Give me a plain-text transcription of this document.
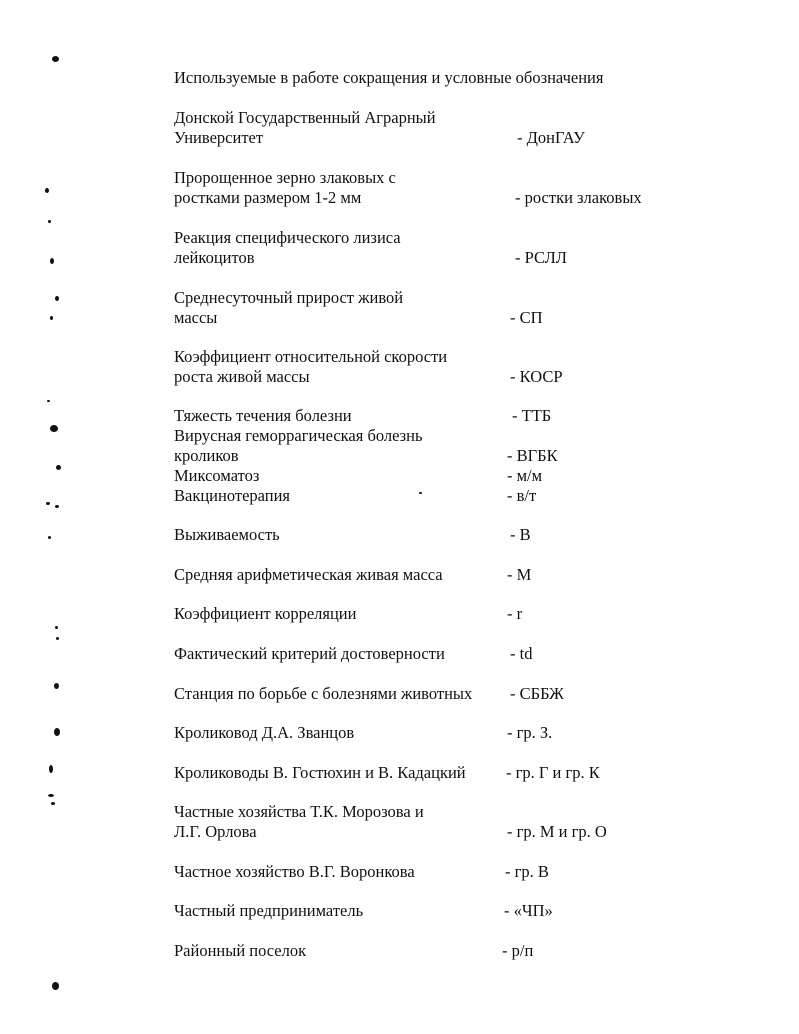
Используемые в работе сокращения и условные обозначения
Донской Государственный Аграрный
Университет	- ДонГАУ
Пророщенное зерно злаковых с
ростками размером 1-2 мм	- ростки злаковых
Реакция специфического лизиса
лейкоцитов	- РСЛЛ
Среднесуточный прирост живой
массы	- СП
Коэффициент относительной скорости
роста живой массы	- КОСР
Тяжесть течения болезни	- ТТБ
Вирусная геморрагическая болезнь
кроликов	- ВГБК
Миксоматоз	- м/м
Вакцинотерапия	- в/т
Выживаемость	- В
Средняя арифметическая живая масса	- М
Коэффициент корреляции	- r
Фактический критерий достоверности	- td
Станция по борьбе с болезнями животных - СББЖ
Кроликовод Д.А. Званцов	- гр. З.
Кролиководы В. Гостюхин и В. Кадацкий - гр. Г и гр. К
Частные хозяйства Т.К. Морозова и
Л.Г. Орлова	- гр. М и гр. О
Частное хозяйство В.Г. Воронкова	- гр. В
Частный предприниматель	- «ЧП»
Районный поселок	- р/п
